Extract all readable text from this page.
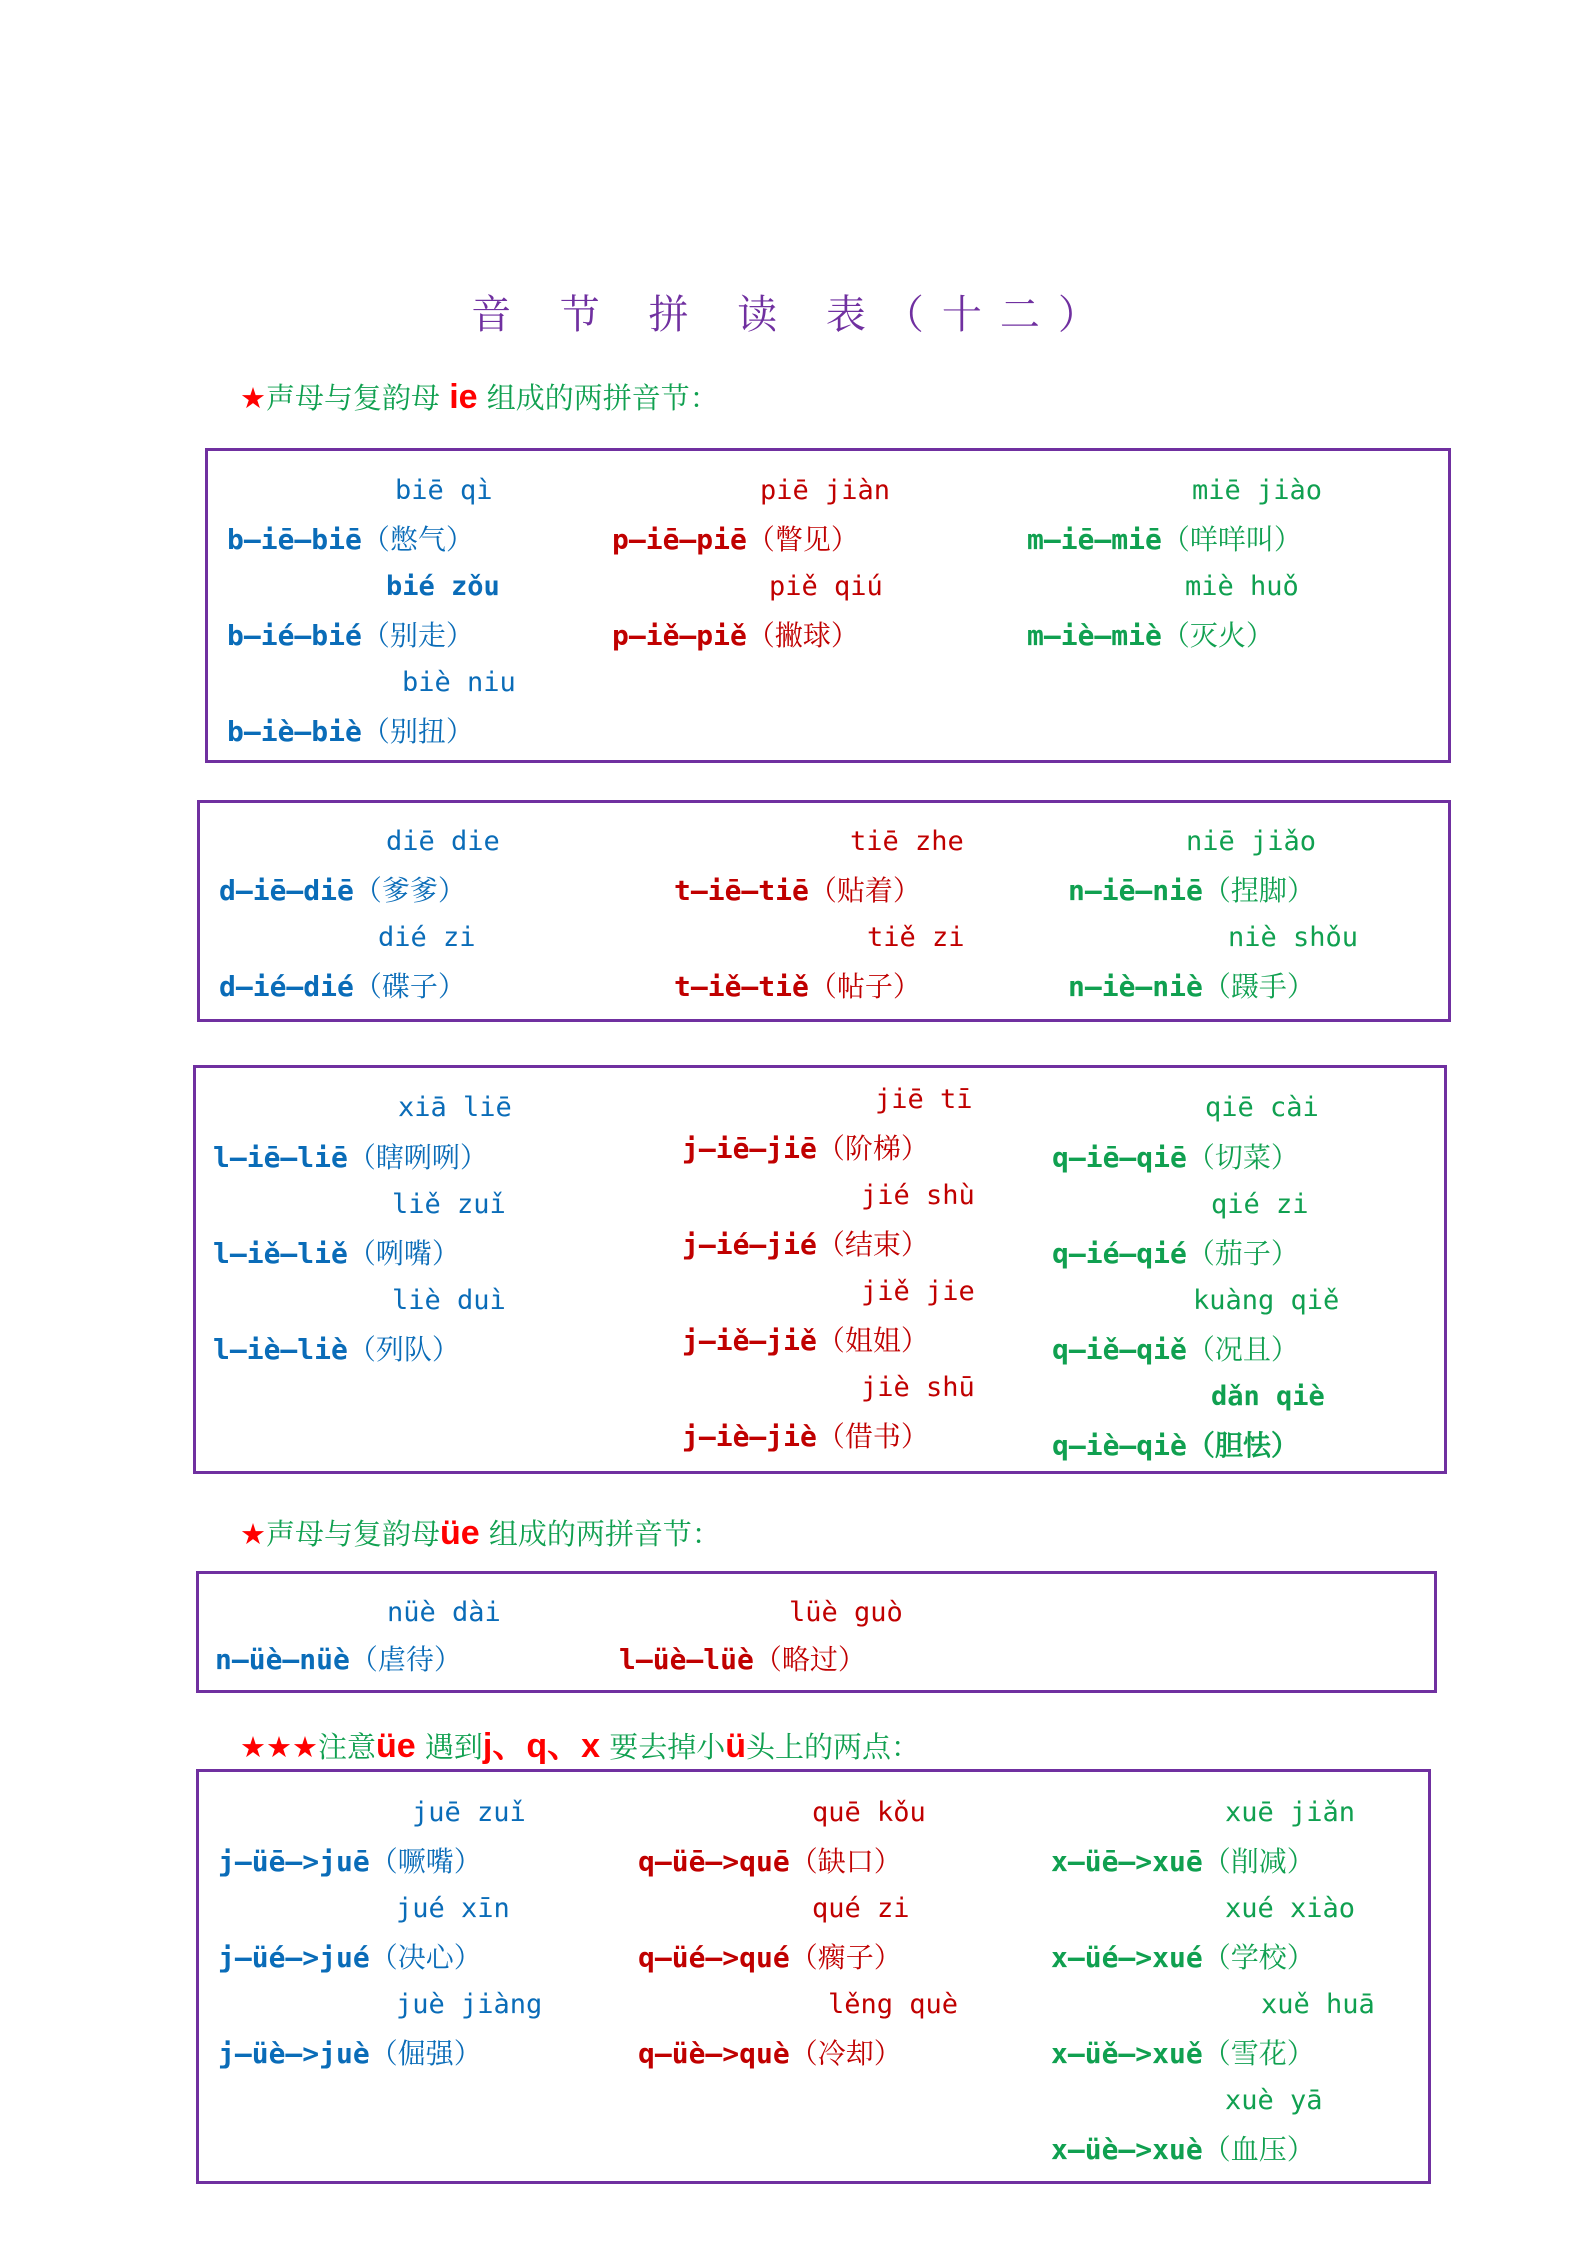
音 节 拼 读 表（十二）
★声母与复韵母 ie 组成的两拼音节：
biē qì
b—iē—biē（憋气）
bié zǒu
b—ié—bié（别走）
biè niu
b—iè—biè（别扭）
piē jiàn
p—iē—piē（瞥见）
piě qiú
p—iě—piě（撇球）
miē jiào
m—iē—miē（咩咩叫）
miè huǒ
m—iè—miè（灭火）
diē die
d—iē—diē（爹爹）
dié zi
d—ié—dié（碟子）
tiē zhe
t—iē—tiē（贴着）
tiě zi
t—iě—tiě（帖子）
niē jiǎo
n—iē—niē（捏脚）
niè shǒu
n—iè—niè（蹑手）
xiā liē
l—iē—liē（瞎咧咧）
liě zuǐ
l—iě—liě（咧嘴）
liè duì
l—iè—liè（列队）
jiē tī
j—iē—jiē（阶梯）
jié shù
j—ié—jié（结束）
jiě jie
j—iě—jiě（姐姐）
jiè shū
j—iè—jiè（借书）
qiē cài
q—iē—qiē（切菜）
qié zi
q—ié—qié（茄子）
kuàng qiě
q—iě—qiě（况且）
dǎn qiè
q—iè—qiè（胆怯）
★声母与复韵母üe 组成的两拼音节：
nüè dài
n—üè—nüè（虐待）
lüè guò
l—üè—lüè（略过）
★★★注意üe 遇到j、q、x 要去掉小ü头上的两点：
juē zuǐ
j—üē—>juē（噘嘴）
jué xīn
j—üé—>jué（决心）
juè jiàng
j—üè—>juè（倔强）
quē kǒu
q—üē—>quē（缺口）
qué zi
q—üé—>qué（瘸子）
lěng què
q—üè—>què（冷却）
xuē jiǎn
x—üē—>xuē（削减）
xué xiào
x—üé—>xué（学校）
xuě huā
x—üě—>xuě（雪花）
xuè yā
x—üè—>xuè（血压）
